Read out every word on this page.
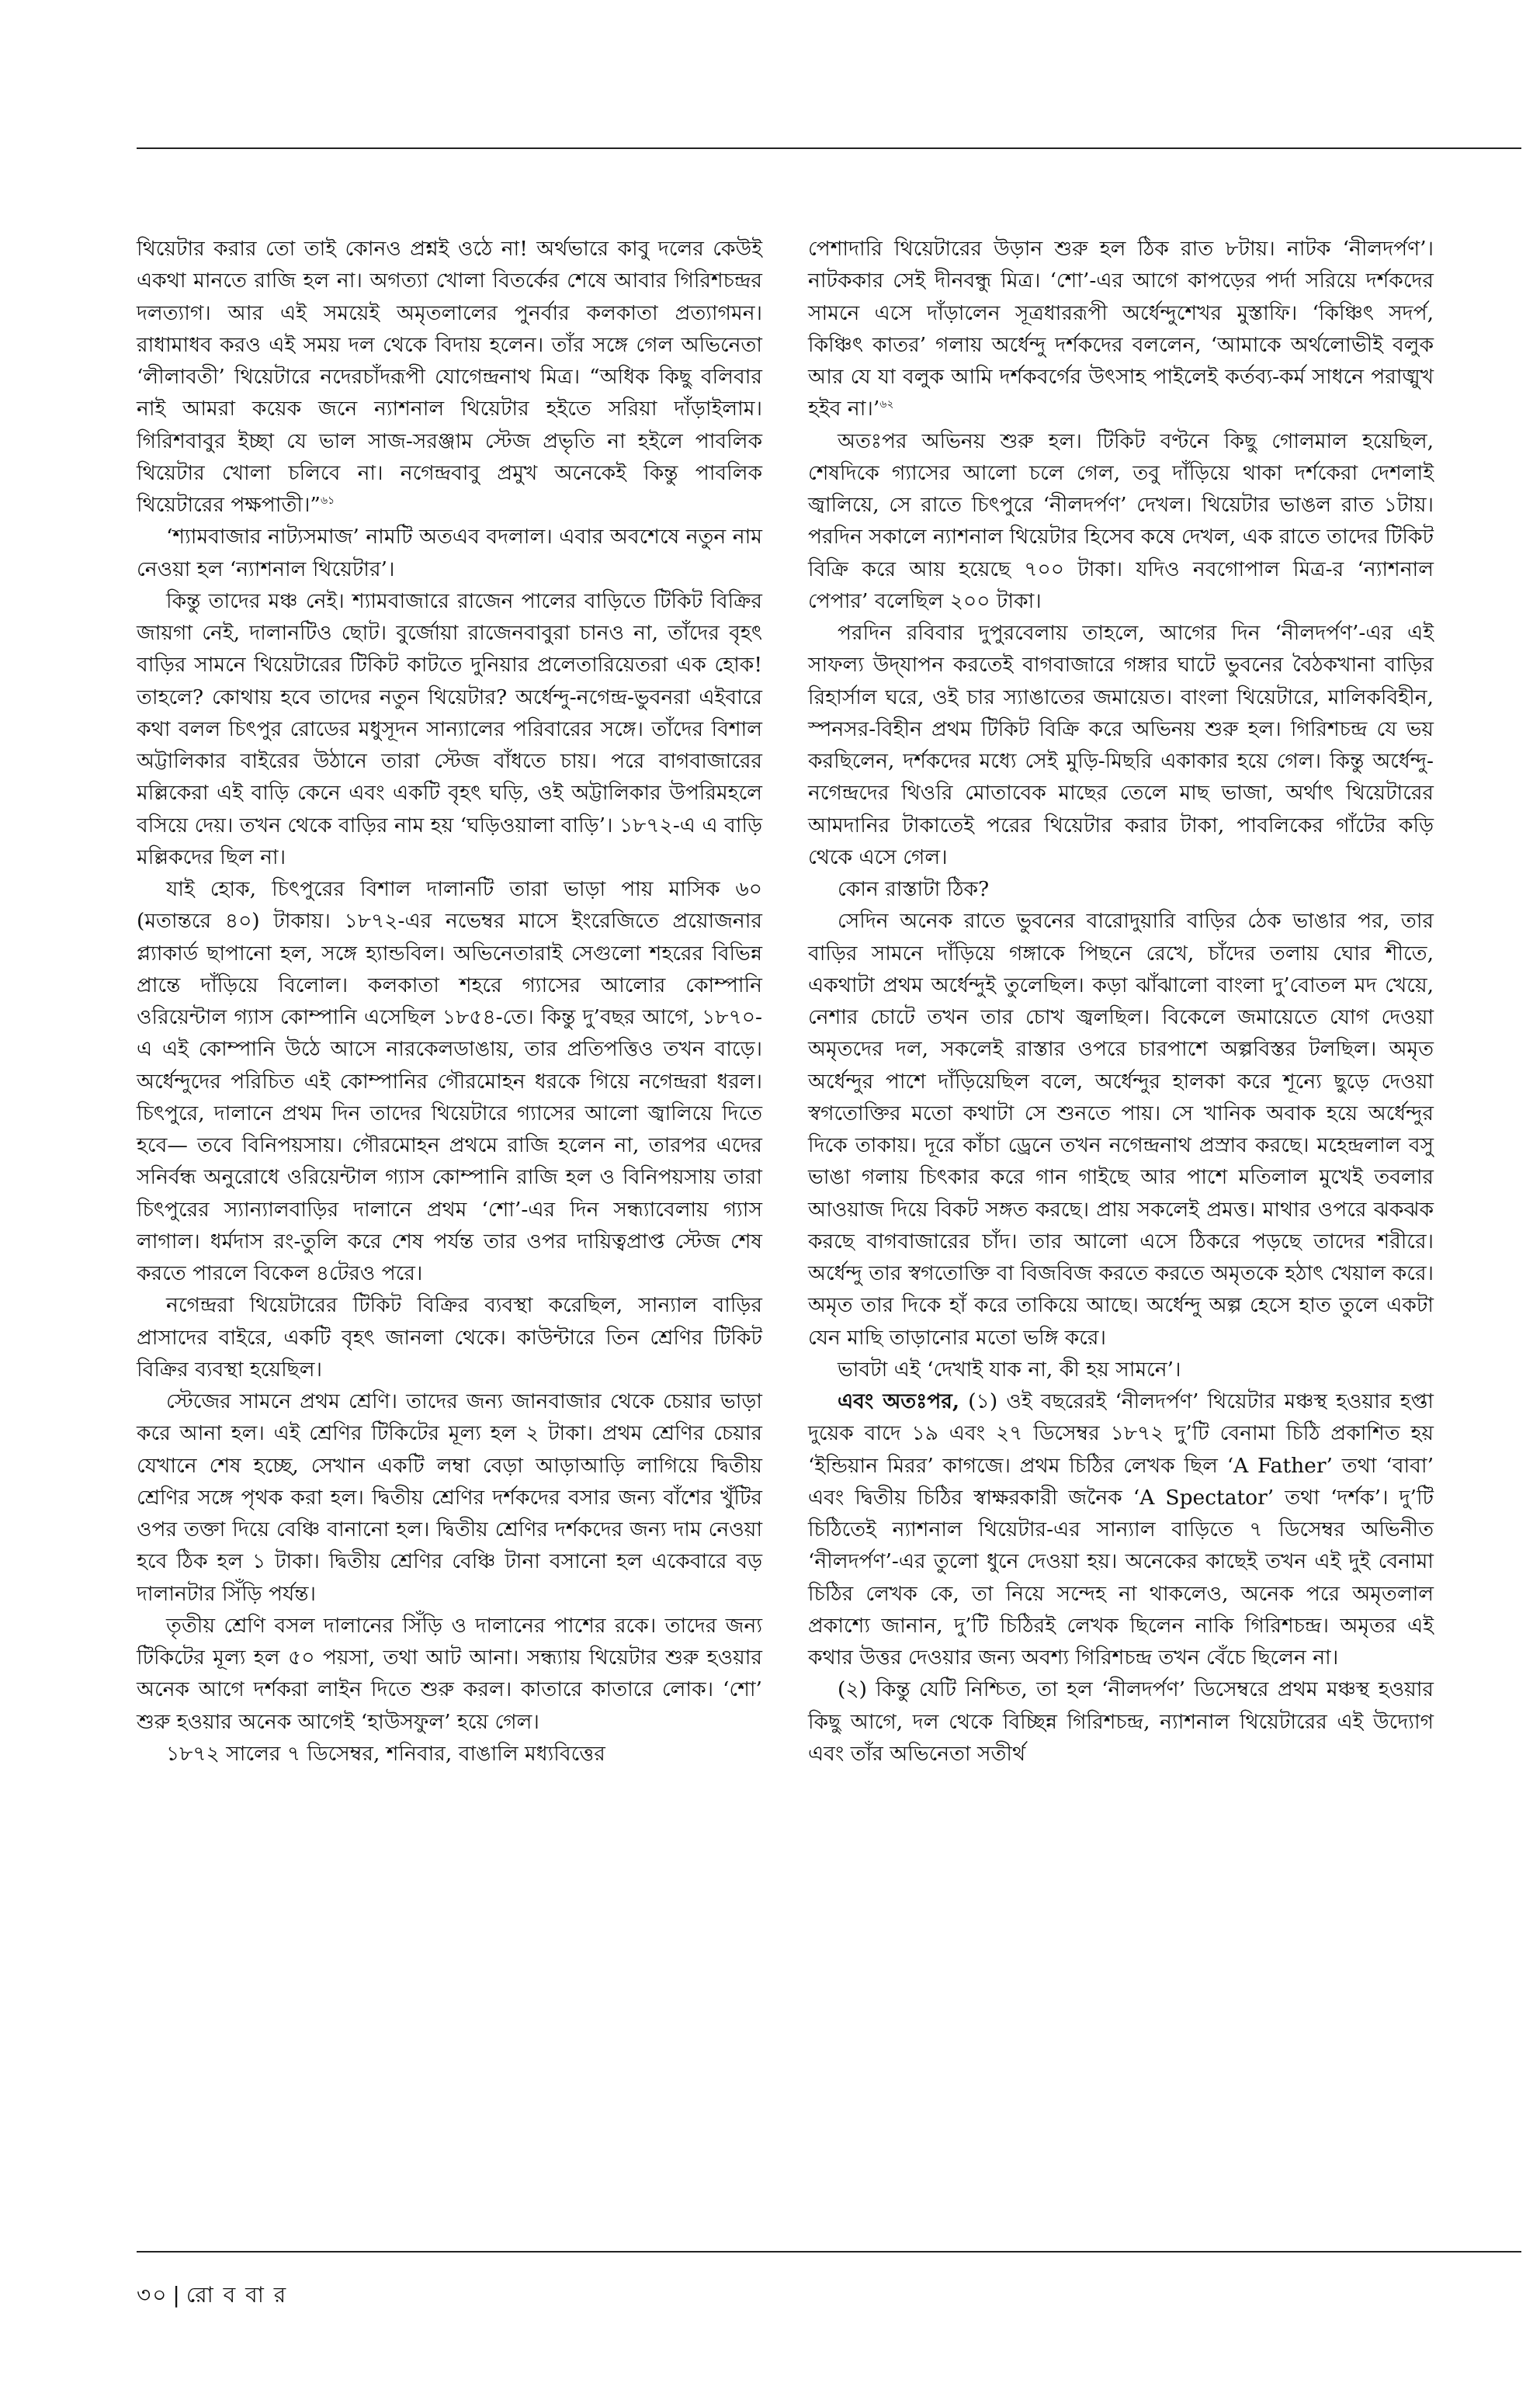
থিয়েটার করার তো তাই কোনও প্রশ্নই ওঠে না! অর্থভারে কাবু দলের কেউই একথা মানতে রাজি হল না। অগত্যা খোলা বিতর্কের শেষে আবার গিরিশচন্দ্রর দলত্যাগ। আর এই সময়েই অমৃতলালের পুনর্বার কলকাতা প্রত্যাগমন। রাধামাধব করও এই সময় দল থেকে বিদায় হলেন। তাঁর সঙ্গে গেল অভিনেতা ‘লীলাবতী’ থিয়েটারে নদেরচাঁদরূপী যোগেন্দ্রনাথ মিত্র। “অধিক কিছু বলিবার নাই আমরা কয়েক জনে ন্যাশনাল থিয়েটার হইতে সরিয়া দাঁড়াইলাম। গিরিশবাবুর ইচ্ছা যে ভাল সাজ-সরঞ্জাম স্টেজ প্রভৃতি না হইলে পাবলিক থিয়েটার খোলা চলিবে না। নগেন্দ্রবাবু প্রমুখ অনেকেই কিন্তু পাবলিক থিয়েটারের পক্ষপাতী।”$^{৬১}$

‘শ্যামবাজার নাট্যসমাজ’ নামটি অতএব বদলাল। এবার অবশেষে নতুন নাম নেওয়া হল ‘ন্যাশনাল থিয়েটার’।

কিন্তু তাদের মঞ্চ নেই। শ্যামবাজারে রাজেন পালের বাড়িতে টিকিট বিক্রির জায়গা নেই, দালানটিও ছোট। বুর্জোয়া রাজেনবাবুরা চানও না, তাঁদের বৃহৎ বাড়ির সামনে থিয়েটারের টিকিট কাটতে দুনিয়ার প্রলেতারিয়েতরা এক হোক! তাহলে? কোথায় হবে তাদের নতুন থিয়েটার? অর্ধেন্দু-নগেন্দ্র-ভুবনরা এইবারে কথা বলল চিৎপুর রোডের মধুসূদন সান্যালের পরিবারের সঙ্গে। তাঁদের বিশাল অট্টালিকার বাইরের উঠানে তারা স্টেজ বাঁধতে চায়। পরে বাগবাজারের মল্লিকেরা এই বাড়ি কেনে এবং একটি বৃহৎ ঘড়ি, ওই অট্টালিকার উপরিমহলে বসিয়ে দেয়। তখন থেকে বাড়ির নাম হয় ‘ঘড়িওয়ালা বাড়ি’। ১৮৭২-এ এ বাড়ি মল্লিকদের ছিল না।

যাই হোক, চিৎপুরের বিশাল দালানটি তারা ভাড়া পায় মাসিক ৬০ (মতান্তরে ৪০) টাকায়। ১৮৭২-এর নভেম্বর মাসে ইংরেজিতে প্রয়োজনার প্ল্যাকার্ড ছাপানো হল, সঙ্গে হ্যান্ডবিল। অভিনেতারাই সেগুলো শহরের বিভিন্ন প্রান্তে দাঁড়িয়ে বিলোল। কলকাতা শহরে গ্যাসের আলোর কোম্পানি ওরিয়েন্টাল গ্যাস কোম্পানি এসেছিল ১৮৫৪-তে। কিন্তু দু’বছর আগে, ১৮৭০-এ এই কোম্পানি উঠে আসে নারকেলডাঙায়, তার প্রতিপত্তিও তখন বাড়ে। অর্ধেন্দুদের পরিচিত এই কোম্পানির গৌরমোহন ধরকে গিয়ে নগেন্দ্ররা ধরল। চিৎপুরে, দালানে প্রথম দিন তাদের থিয়েটারে গ্যাসের আলো জ্বালিয়ে দিতে হবে— তবে বিনিপয়সায়। গৌরমোহন প্রথমে রাজি হলেন না, তারপর এদের সনির্বন্ধ অনুরোধে ওরিয়েন্টাল গ্যাস কোম্পানি রাজি হল ও বিনিপয়সায় তারা চিৎপুরের স্যান্যালবাড়ির দালানে প্রথম ‘শো’-এর দিন সন্ধ্যাবেলায় গ্যাস লাগাল। ধর্মদাস রং-তুলি করে শেষ পর্যন্ত তার ওপর দায়িত্বপ্রাপ্ত স্টেজ শেষ করতে পারলে বিকেল ৪টেরও পরে।

নগেন্দ্ররা থিয়েটারের টিকিট বিক্রির ব্যবস্থা করেছিল, সান্যাল বাড়ির প্রাসাদের বাইরে, একটি বৃহৎ জানলা থেকে। কাউন্টারে তিন শ্রেণির টিকিট বিক্রির ব্যবস্থা হয়েছিল।

স্টেজের সামনে প্রথম শ্রেণি। তাদের জন্য জানবাজার থেকে চেয়ার ভাড়া করে আনা হল। এই শ্রেণির টিকিটের মূল্য হল ২ টাকা। প্রথম শ্রেণির চেয়ার যেখানে শেষ হচ্ছে, সেখান একটি লম্বা বেড়া আড়াআড়ি লাগিয়ে দ্বিতীয় শ্রেণির সঙ্গে পৃথক করা হল। দ্বিতীয় শ্রেণির দর্শকদের বসার জন্য বাঁশের খুঁটির ওপর তক্তা দিয়ে বেঞ্চি বানানো হল। দ্বিতীয় শ্রেণির দর্শকদের জন্য দাম নেওয়া হবে ঠিক হল ১ টাকা। দ্বিতীয় শ্রেণির বেঞ্চি টানা বসানো হল একেবারে বড় দালানটার সিঁড়ি পর্যন্ত।

তৃতীয় শ্রেণি বসল দালানের সিঁড়ি ও দালানের পাশের রকে। তাদের জন্য টিকিটের মূল্য হল ৫০ পয়সা, তথা আট আনা। সন্ধ্যায় থিয়েটার শুরু হওয়ার অনেক আগে দর্শকরা লাইন দিতে শুরু করল। কাতারে কাতারে লোক। ‘শো’ শুরু হওয়ার অনেক আগেই ‘হাউসফুল’ হয়ে গেল।

১৮৭২ সালের ৭ ডিসেম্বর, শনিবার, বাঙালি মধ্যবিত্তের

পেশাদারি থিয়েটারের উড়ান শুরু হল ঠিক রাত ৮টায়। নাটক ‘নীলদর্পণ’। নাটককার সেই দীনবন্ধু মিত্র। ‘শো’-এর আগে কাপড়ের পর্দা সরিয়ে দর্শকদের সামনে এসে দাঁড়ালেন সূত্রধাররূপী অর্ধেন্দুশেখর মুস্তাফি। ‘কিঞ্চিৎ সদর্প, কিঞ্চিৎ কাতর’ গলায় অর্ধেন্দু দর্শকদের বললেন, ‘আমাকে অর্থলোভীই বলুক আর যে যা বলুক আমি দর্শকবর্গের উৎসাহ পাইলেই কর্তব্য-কর্ম সাধনে পরাঙ্মুখ হইব না।’$^{৬২}$

অতঃপর অভিনয় শুরু হল। টিকিট বণ্টনে কিছু গোলমাল হয়েছিল, শেষদিকে গ্যাসের আলো চলে গেল, তবু দাঁড়িয়ে থাকা দর্শকেরা দেশলাই জ্বালিয়ে, সে রাতে চিৎপুরে ‘নীলদর্পণ’ দেখল। থিয়েটার ভাঙল রাত ১টায়। পরদিন সকালে ন্যাশনাল থিয়েটার হিসেব কষে দেখল, এক রাতে তাদের টিকিট বিক্রি করে আয় হয়েছে ৭০০ টাকা। যদিও নবগোপাল মিত্র-র ‘ন্যাশনাল পেপার’ বলেছিল ২০০ টাকা।

পরদিন রবিবার দুপুরবেলায় তাহলে, আগের দিন ‘নীলদর্পণ’-এর এই সাফল্য উদ্‌যাপন করতেই বাগবাজারে গঙ্গার ঘাটে ভুবনের বৈঠকখানা বাড়ির রিহার্সাল ঘরে, ওই চার স্যাঙাতের জমায়েত। বাংলা থিয়েটারে, মালিকবিহীন, স্পনসর-বিহীন প্রথম টিকিট বিক্রি করে অভিনয় শুরু হল। গিরিশচন্দ্র যে ভয় করছিলেন, দর্শকদের মধ্যে সেই মুড়ি-মিছরি একাকার হয়ে গেল। কিন্তু অর্ধেন্দু-নগেন্দ্রদের থিওরি মোতাবেক মাছের তেলে মাছ ভাজা, অর্থাৎ থিয়েটারের আমদানির টাকাতেই পরের থিয়েটার করার টাকা, পাবলিকের গাঁটের কড়ি থেকে এসে গেল।

কোন রাস্তাটা ঠিক?

সেদিন অনেক রাতে ভুবনের বারোদুয়ারি বাড়ির ঠেক ভাঙার পর, তার বাড়ির সামনে দাঁড়িয়ে গঙ্গাকে পিছনে রেখে, চাঁদের তলায় ঘোর শীতে, একথাটা প্রথম অর্ধেন্দুই তুলেছিল। কড়া ঝাঁঝালো বাংলা দু’বোতল মদ খেয়ে, নেশার চোটে তখন তার চোখ জ্বলছিল। বিকেলে জমায়েতে যোগ দেওয়া অমৃতদের দল, সকলেই রাস্তার ওপরে চারপাশে অল্পবিস্তর টলছিল। অমৃত অর্ধেন্দুর পাশে দাঁড়িয়েছিল বলে, অর্ধেন্দুর হালকা করে শূন্যে ছুড়ে দেওয়া স্বগতোক্তির মতো কথাটা সে শুনতে পায়। সে খানিক অবাক হয়ে অর্ধেন্দুর দিকে তাকায়। দূরে কাঁচা ড্রেনে তখন নগেন্দ্রনাথ প্রস্রাব করছে। মহেন্দ্রলাল বসু ভাঙা গলায় চিৎকার করে গান গাইছে আর পাশে মতিলাল মুখেই তবলার আওয়াজ দিয়ে বিকট সঙ্গত করছে। প্রায় সকলেই প্রমত্ত। মাথার ওপরে ঝকঝক করছে বাগবাজারের চাঁদ। তার আলো এসে ঠিকরে পড়ছে তাদের শরীরে। অর্ধেন্দু তার স্বগতোক্তি বা বিজবিজ করতে করতে অমৃতকে হঠাৎ খেয়াল করে। অমৃত তার দিকে হাঁ করে তাকিয়ে আছে। অর্ধেন্দু অল্প হেসে হাত তুলে একটা যেন মাছি তাড়ানোর মতো ভঙ্গি করে।

ভাবটা এই ‘দেখাই যাক না, কী হয় সামনে’।

এবং অতঃপর, (১) ওই বছরেরই ‘নীলদর্পণ’ থিয়েটার মঞ্চস্থ হওয়ার হপ্তা দুয়েক বাদে ১৯ এবং ২৭ ডিসেম্বর ১৮৭২ দু’টি বেনামা চিঠি প্রকাশিত হয় ‘ইন্ডিয়ান মিরর’ কাগজে। প্রথম চিঠির লেখক ছিল ‘A Father’ তথা ‘বাবা’ এবং দ্বিতীয় চিঠির স্বাক্ষরকারী জনৈক ‘A Spectator’ তথা ‘দর্শক’। দু’টি চিঠিতেই ন্যাশনাল থিয়েটার-এর সান্যাল বাড়িতে ৭ ডিসেম্বর অভিনীত ‘নীলদর্পণ’-এর তুলো ধুনে দেওয়া হয়। অনেকের কাছেই তখন এই দুই বেনামা চিঠির লেখক কে, তা নিয়ে সন্দেহ না থাকলেও, অনেক পরে অমৃতলাল প্রকাশ্যে জানান, দু’টি চিঠিরই লেখক ছিলেন নাকি গিরিশচন্দ্র। অমৃতর এই কথার উত্তর দেওয়ার জন্য অবশ্য গিরিশচন্দ্র তখন বেঁচে ছিলেন না।

(২) কিন্তু যেটি নিশ্চিত, তা হল ‘নীলদর্পণ’ ডিসেম্বরে প্রথম মঞ্চস্থ হওয়ার কিছু আগে, দল থেকে বিচ্ছিন্ন গিরিশচন্দ্র, ন্যাশনাল থিয়েটারের এই উদ্যোগ এবং তাঁর অভিনেতা সতীর্থ

৩০ | রো ব বা র
